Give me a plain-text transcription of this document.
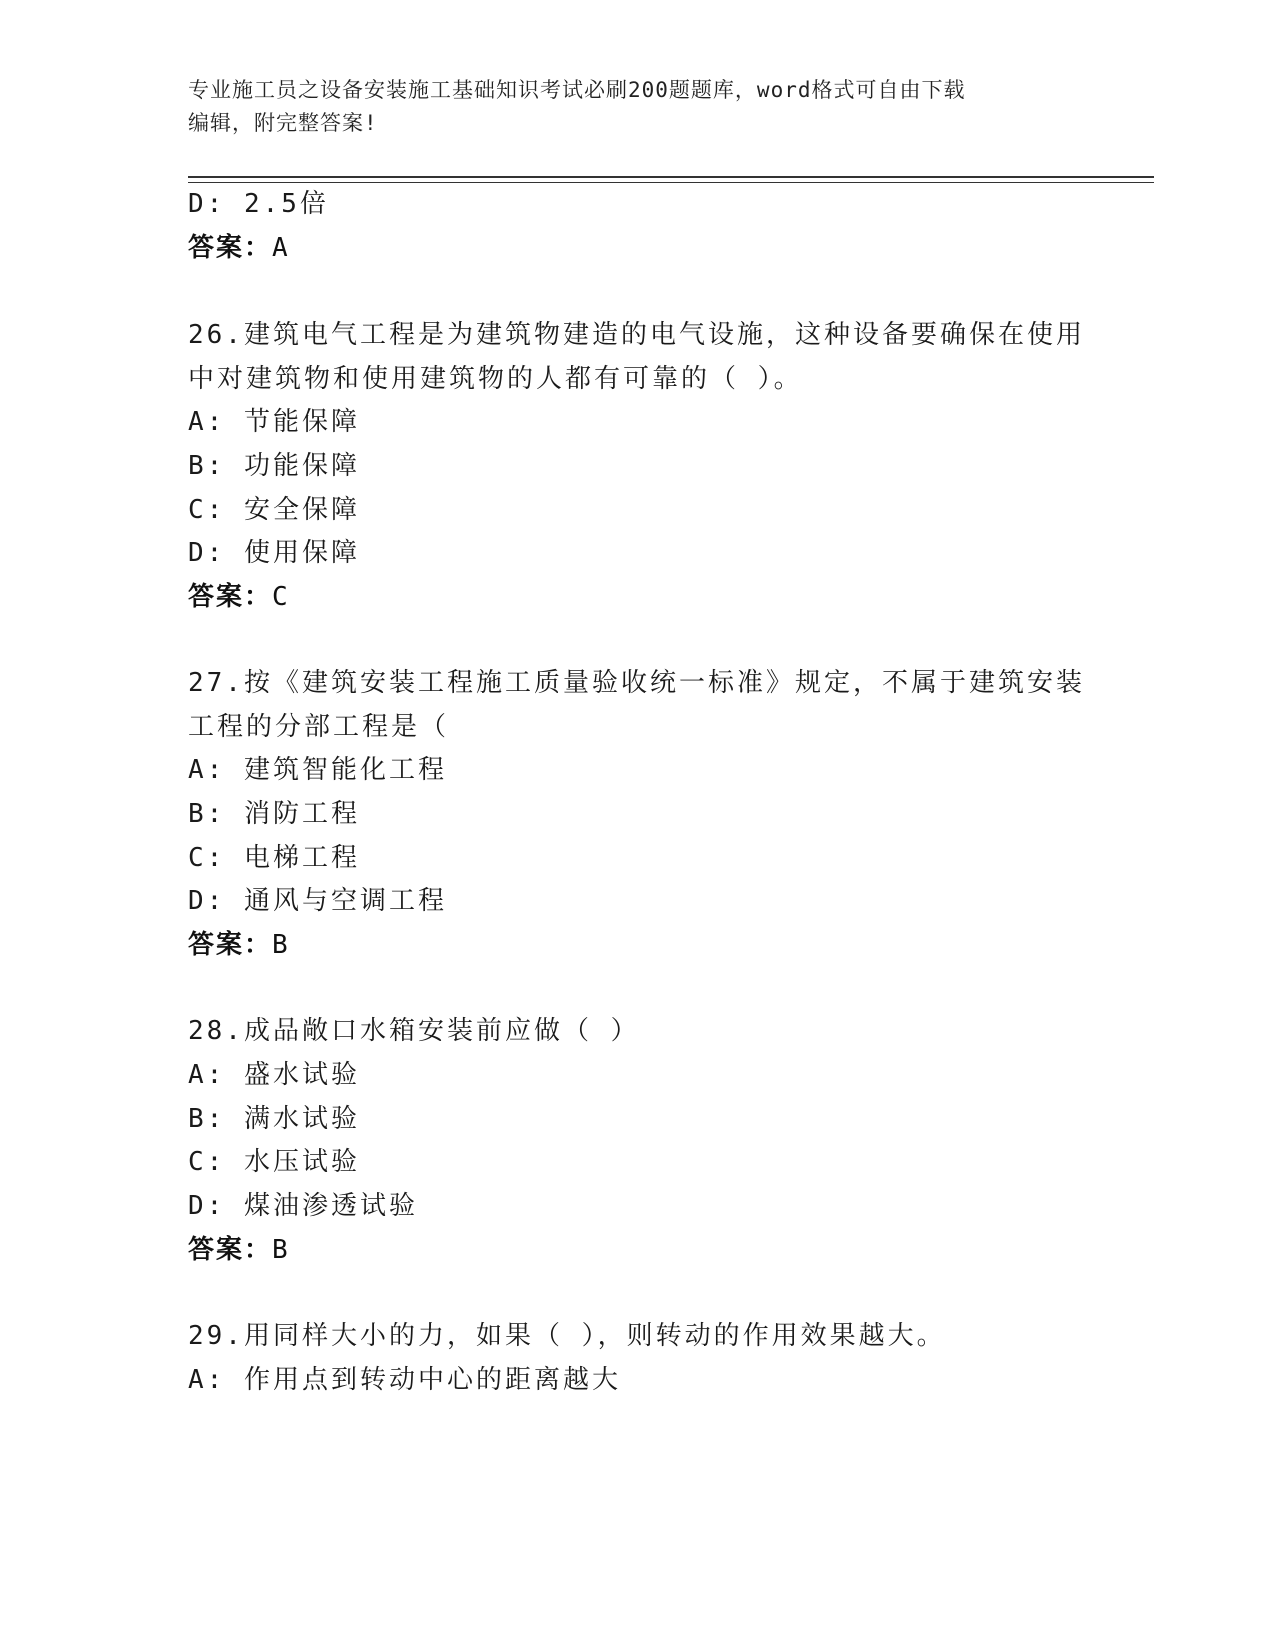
专业施工员之设备安装施工基础知识考试必刷200题题库，word格式可自由下载
编辑，附完整答案!
D: 2.5倍
答案：A
26.建筑电气工程是为建筑物建造的电气设施，这种设备要确保在使用
中对建筑物和使用建筑物的人都有可靠的（ ）。
A: 节能保障
B: 功能保障
C: 安全保障
D: 使用保障
答案：C
27.按《建筑安装工程施工质量验收统一标准》规定，不属于建筑安装
工程的分部工程是（
A: 建筑智能化工程
B: 消防工程
C: 电梯工程
D: 通风与空调工程
答案：B
28.成品敞口水箱安装前应做（ ）
A: 盛水试验
B: 满水试验
C: 水压试验
D: 煤油渗透试验
答案：B
29.用同样大小的力，如果（ ），则转动的作用效果越大。
A: 作用点到转动中心的距离越大
